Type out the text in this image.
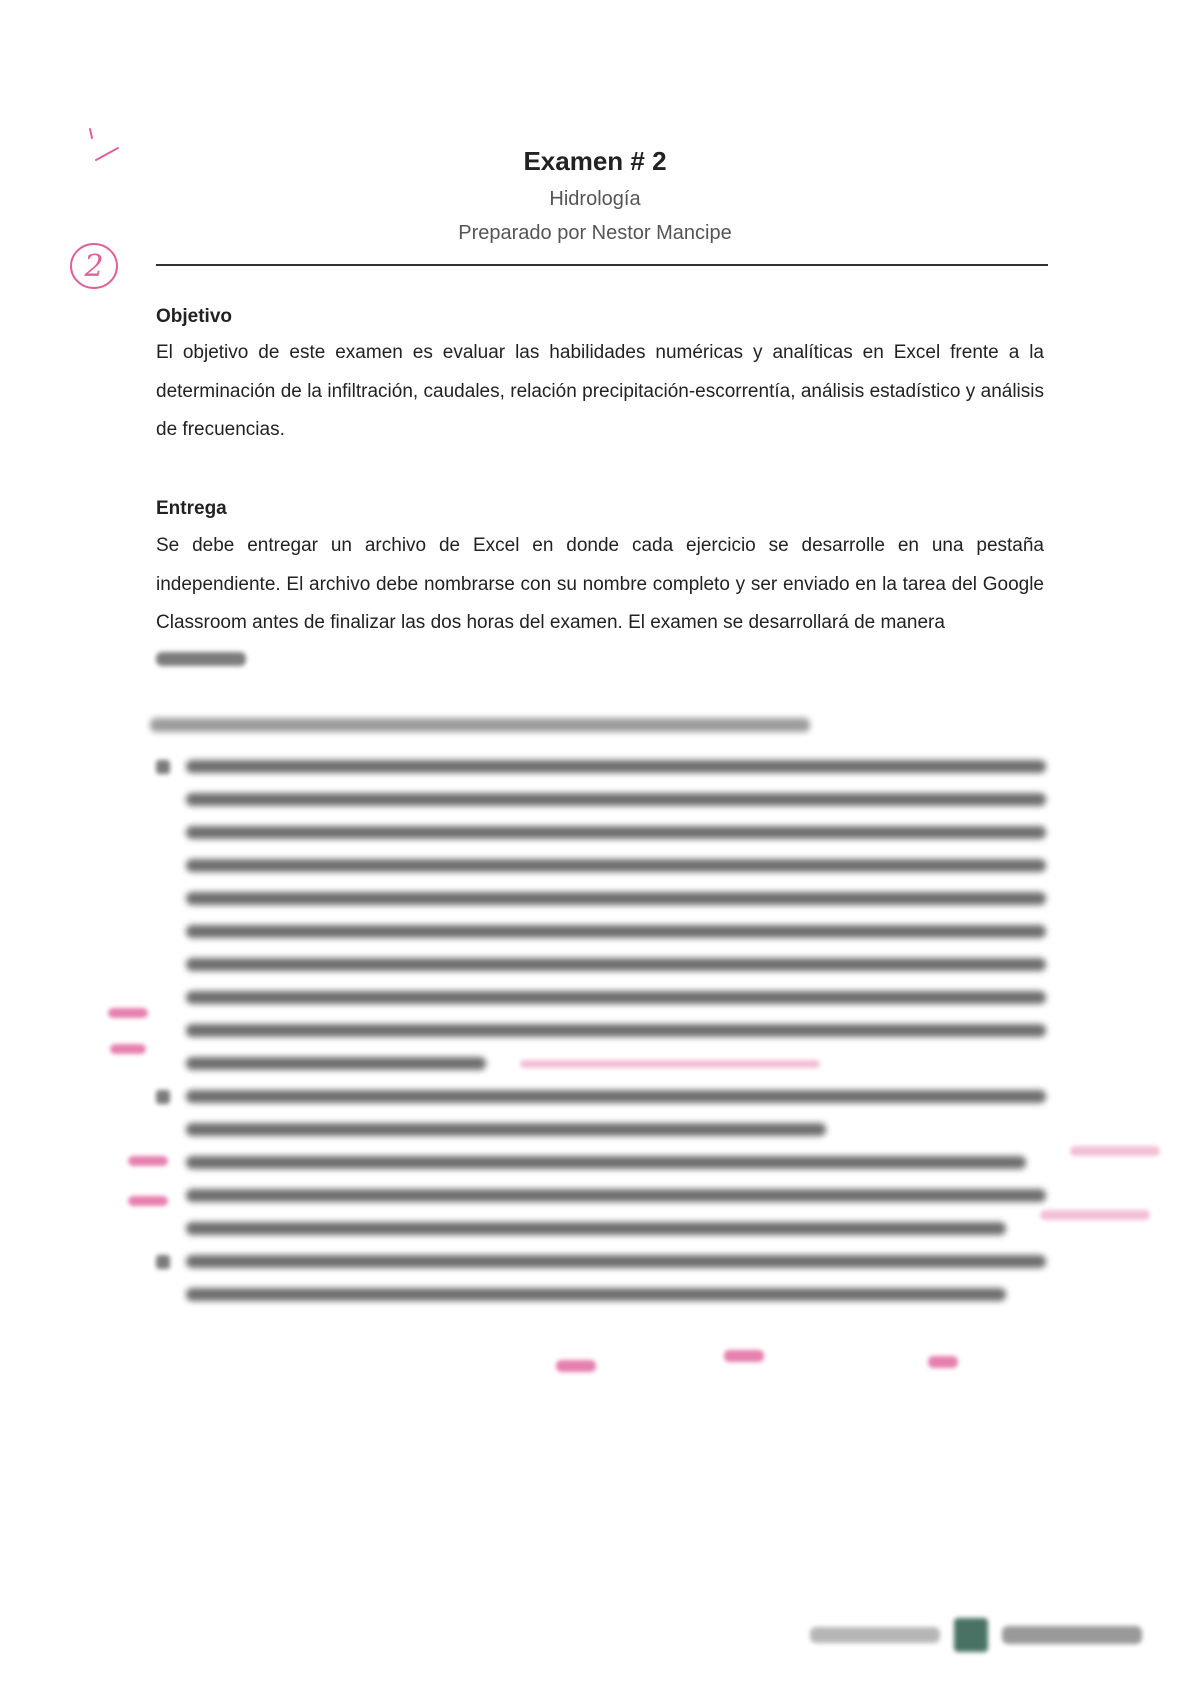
2
Examen # 2
Hidrología
Preparado por Nestor Mancipe
Objetivo
El objetivo de este examen es evaluar las habilidades numéricas y analíticas en Excel frente a la determinación de la infiltración, caudales, relación precipitación-escorrentía, análisis estadístico y análisis de frecuencias.
Entrega
Se debe entregar un archivo de Excel en donde cada ejercicio se desarrolle en una pestaña independiente. El archivo debe nombrarse con su nombre completo y ser enviado en la tarea del Google Classroom antes de finalizar las dos horas del examen. El examen se desarrollará de manera
